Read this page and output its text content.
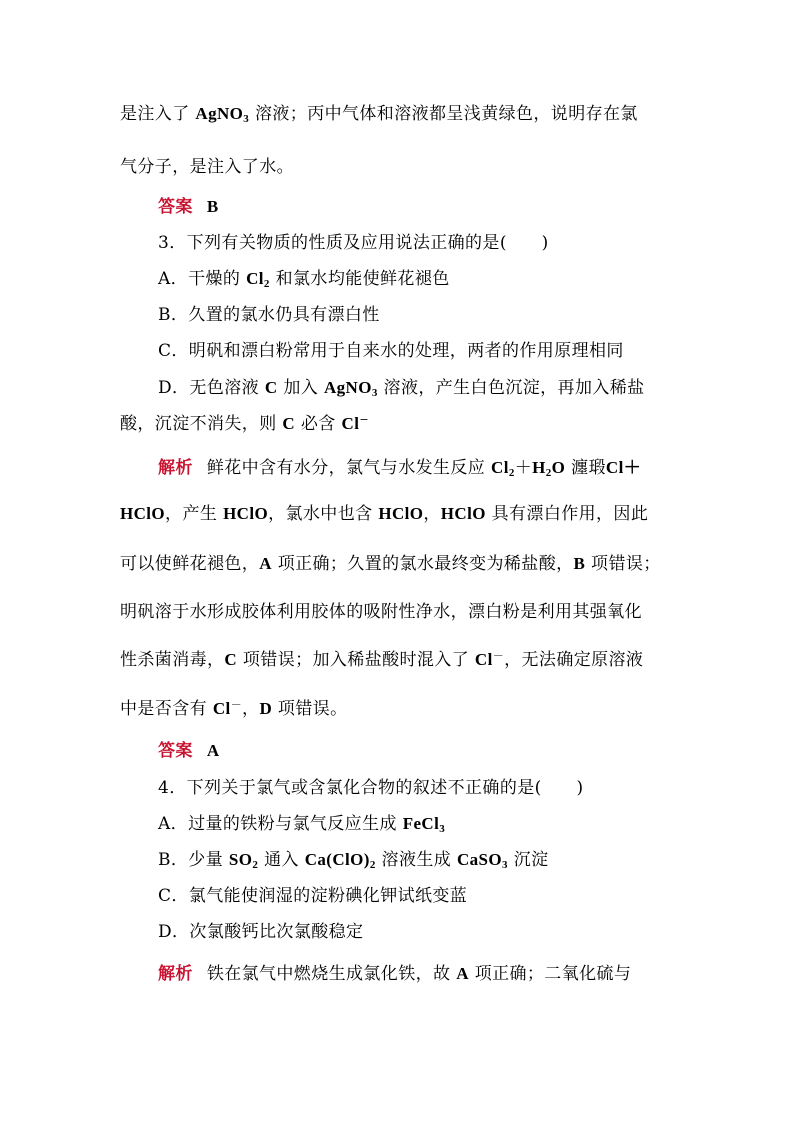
是注入了 AgNO$_3$ 溶液；丙中气体和溶液都呈浅黄绿色，说明存在氯
气分子，是注入了水。
答案 B
3．下列有关物质的性质及应用说法正确的是(　　 )
A．干燥的 $Cl_2$ 和氯水均能使鲜花褪色
B．久置的氯水仍具有漂白性
C．明矾和漂白粉常用于自来水的处理，两者的作用原理相同
D．无色溶液 C 加入 AgNO$_3$ 溶液，产生白色沉淀，再加入稀盐
酸，沉淀不消失，则 C 必含 Cl−
解析 鲜花中含有水分，氯气与水发生反应 $Cl_2+H_2O$ 瀍瑖Cl＋
HClO，产生 HClO，氯水中也含 HClO，HClO 具有漂白作用，因此
可以使鲜花褪色，A 项正确；久置的氯水最终变为稀盐酸，B 项错误；
明矾溶于水形成胶体利用胶体的吸附性净水，漂白粉是利用其强氧化
性杀菌消毒，C 项错误；加入稀盐酸时混入了 Cl－，无法确定原溶液
中是否含有 Cl－，D 项错误。
答案 A
4．下列关于氯气或含氯化合物的叙述不正确的是(　　 )
A．过量的铁粉与氯气反应生成 FeCl$_3$
B．少量 $SO_2$ 通入 $Ca(ClO)_2$ 溶液生成 CaSO$_3$ 沉淀
C．氯气能使润湿的淀粉碘化钾试纸变蓝
D．次氯酸钙比次氯酸稳定
解析 铁在氯气中燃烧生成氯化铁，故 A 项正确；二氧化硫与
